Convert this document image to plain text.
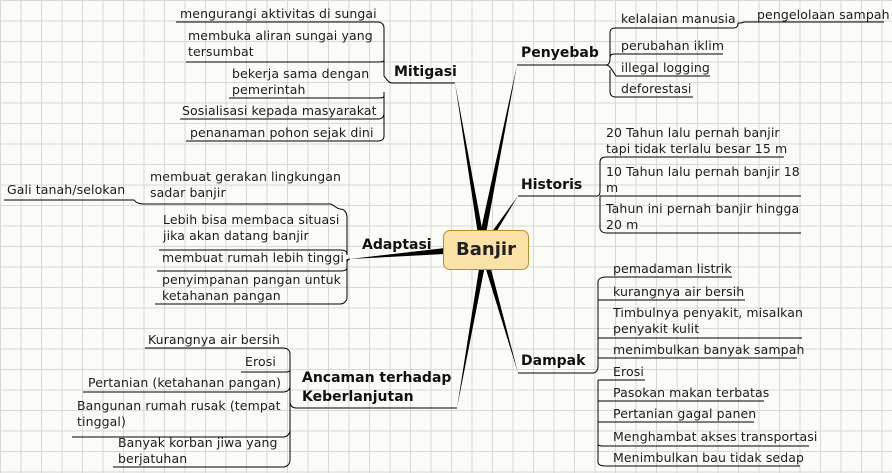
Banjir
Penyebab
Historis
Dampak
Mitigasi
Adaptasi
Ancaman terhadap
Keberlanjutan
kelalaian manusia pengelolaan sampah
perubahan iklim
illegal logging
deforestasi
20 Tahun lalu pernah banjir
tapi tidak terlalu besar 15 m
10 Tahun lalu pernah banjir 18
m
Tahun ini pernah banjir hingga
20 m
pemadaman listrik
kurangnya air bersih
Timbulnya penyakit, misalkan
penyakit kulit
menimbulkan banyak sampah
Erosi
Pasokan makan terbatas
Pertanian gagal panen
Menghambat akses transportasi
Menimbulkan bau tidak sedap
mengurangi aktivitas di sungai
membuka aliran sungai yang
tersumbat
bekerja sama dengan
pemerintah
Sosialisasi kepada masyarakat
penanaman pohon sejak dini
membuat gerakan lingkungan
sadar banjir
Gali tanah/selokan
Lebih bisa membaca situasi
jika akan datang banjir
membuat rumah lebih tinggi
penyimpanan pangan untuk
ketahanan pangan
Kurangnya air bersih
Erosi
Pertanian (ketahanan pangan)
Bangunan rumah rusak (tempat
tinggal)
Banyak korban jiwa yang
berjatuhan
